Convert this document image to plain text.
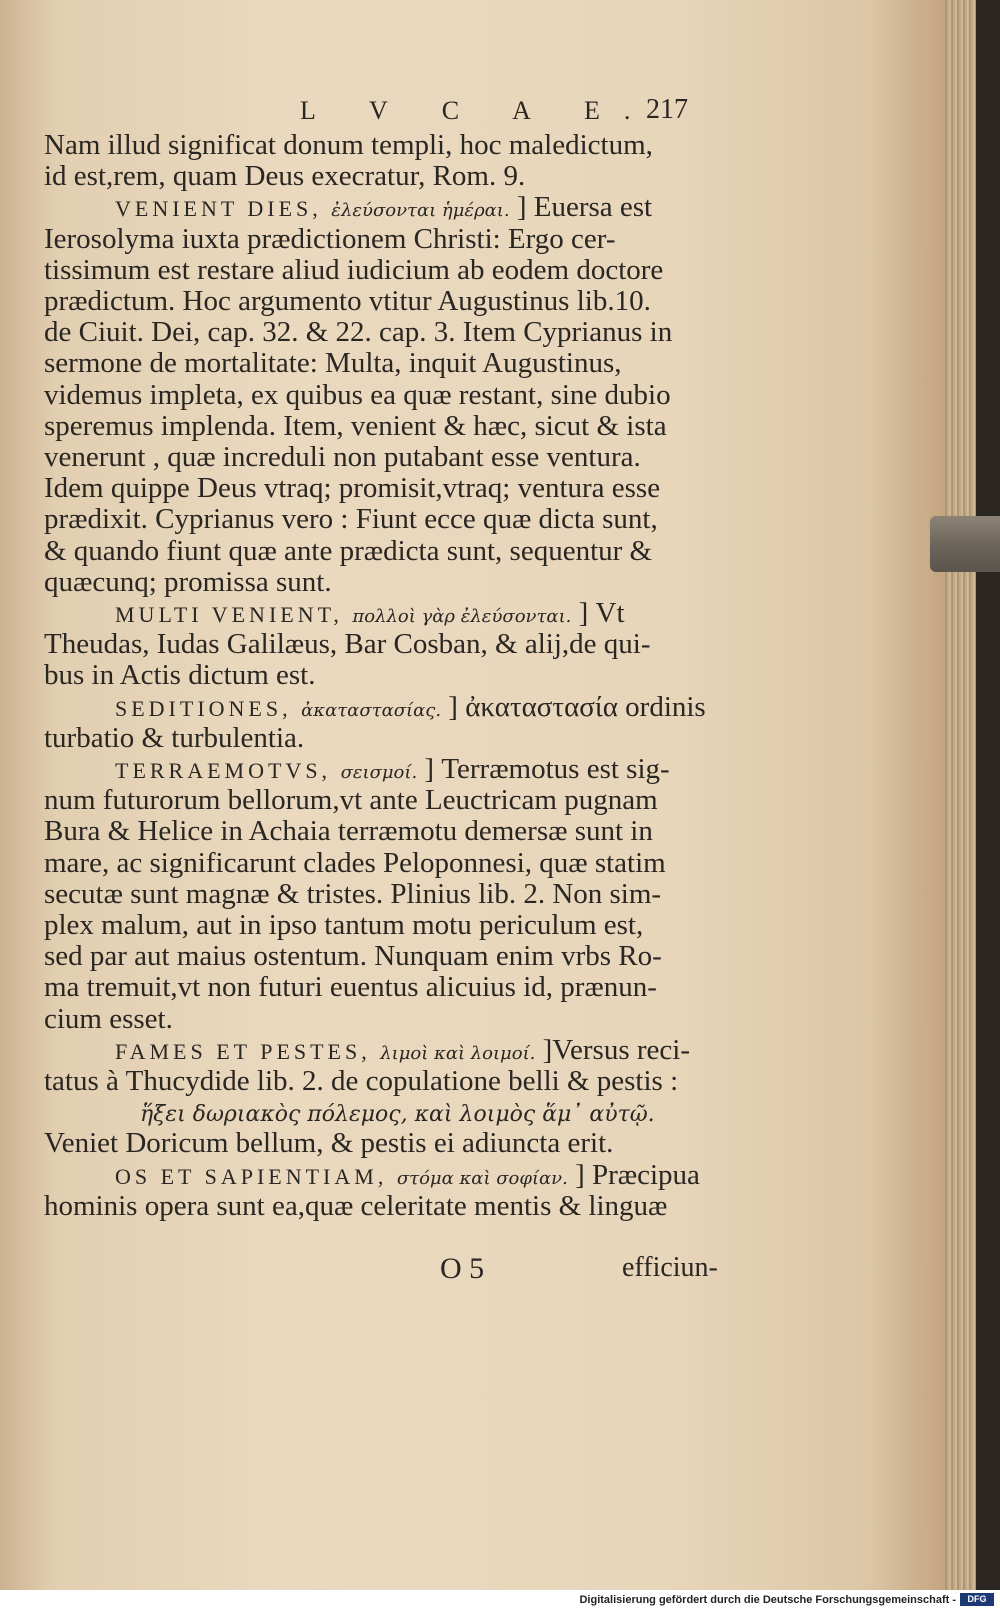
L V C A E.
217
Nam illud significat donum templi, hoc maledictum,
id est,rem, quam Deus execratur, Rom. 9.
VENIENT DIES, ἐλεύσονται ἡμέραι. ] Euersa est
Ierosolyma iuxta prædictionem Christi: Ergo cer-
tissimum est restare aliud iudicium ab eodem doctore
prædictum. Hoc argumento vtitur Augustinus lib.10.
de Ciuit. Dei, cap. 32. & 22. cap. 3. Item Cyprianus in
sermone de mortalitate: Multa, inquit Augustinus,
videmus impleta, ex quibus ea quæ restant, sine dubio
speremus implenda. Item, venient & hæc, sicut & ista
venerunt , quæ increduli non putabant esse ventura.
Idem quippe Deus vtraq; promisit,vtraq; ventura esse
prædixit. Cyprianus vero : Fiunt ecce quæ dicta sunt,
& quando fiunt quæ ante prædicta sunt, sequentur &
quæcunq; promissa sunt.
MULTI VENIENT, πολλοὶ γὰρ ἐλεύσονται. ] Vt
Theudas, Iudas Galilæus, Bar Cosban, & alij,de qui-
bus in Actis dictum est.
SEDITIONES, ἀκαταστασίας. ] ἀκαταστασία ordinis
turbatio & turbulentia.
TERRAEMOTVS, σεισμοί. ] Terræmotus est sig-
num futurorum bellorum,vt ante Leuctricam pugnam
Bura & Helice in Achaia terræmotu demersæ sunt in
mare, ac significarunt clades Peloponnesi, quæ statim
secutæ sunt magnæ & tristes. Plinius lib. 2. Non sim-
plex malum, aut in ipso tantum motu periculum est,
sed par aut maius ostentum. Nunquam enim vrbs Ro-
ma tremuit,vt non futuri euentus alicuius id, prænun-
cium esset.
FAMES ET PESTES, λιμοὶ καὶ λοιμοί. ]Versus reci-
tatus à Thucydide lib. 2. de copulatione belli & pestis :
ἥξει δωριακὸς πόλεμος, καὶ λοιμὸς ἅμ᾽ αὐτῷ.
Veniet Doricum bellum, & pestis ei adiuncta erit.
OS ET SAPIENTIAM, στόμα καὶ σοφίαν. ] Præcipua
hominis opera sunt ea,quæ celeritate mentis & linguæ
O 5	efficiun-
Digitalisierung gefördert durch die Deutsche Forschungsgemeinschaft -	DFG
